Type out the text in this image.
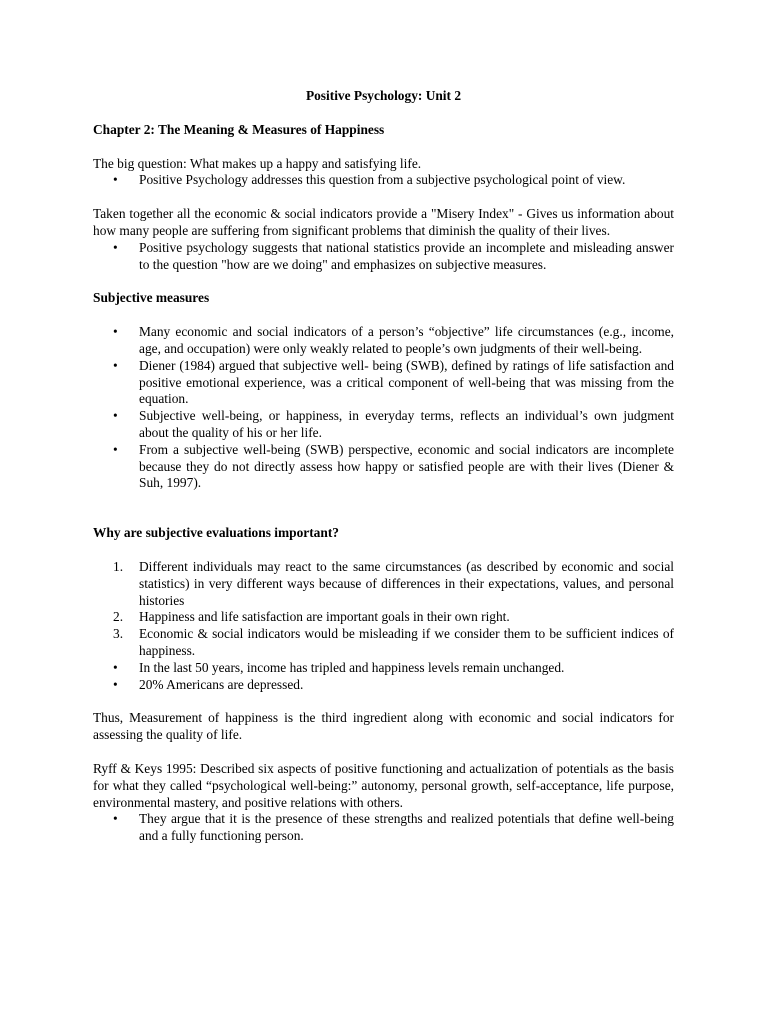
Positive Psychology: Unit 2

Chapter 2: The Meaning & Measures of Happiness

The big question: What makes up a happy and satisfying life.

• Positive Psychology addresses this question from a subjective psychological point of view.

Taken together all the economic & social indicators provide a "Misery Index" - Gives us information about how many people are suffering from significant problems that diminish the quality of their lives.

• Positive psychology suggests that national statistics provide an incomplete and misleading answer to the question "how are we doing" and emphasizes on subjective measures.

Subjective measures

• Many economic and social indicators of a person’s “objective” life circumstances (e.g., income, age, and occupation) were only weakly related to people’s own judgments of their well-being.
• Diener (1984) argued that subjective well- being (SWB), defined by ratings of life satisfaction and positive emotional experience, was a critical component of well-being that was missing from the equation.
• Subjective well-being, or happiness, in everyday terms, reflects an individual’s own judgment about the quality of his or her life.
• From a subjective well-being (SWB) perspective, economic and social indicators are incomplete because they do not directly assess how happy or satisfied people are with their lives (Diener & Suh, 1997).

Why are subjective evaluations important?

1. Different individuals may react to the same circumstances (as described by economic and social statistics) in very different ways because of differences in their expectations, values, and personal histories
2. Happiness and life satisfaction are important goals in their own right.
3. Economic & social indicators would be misleading if we consider them to be sufficient indices of happiness.
• In the last 50 years, income has tripled and happiness levels remain unchanged.
• 20% Americans are depressed.

Thus, Measurement of happiness is the third ingredient along with economic and social indicators for assessing the quality of life.

Ryff & Keys 1995: Described six aspects of positive functioning and actualization of potentials as the basis for what they called “psychological well-being:” autonomy, personal growth, self-acceptance, life purpose, environmental mastery, and positive relations with others.

• They argue that it is the presence of these strengths and realized potentials that define well-being and a fully functioning person.
